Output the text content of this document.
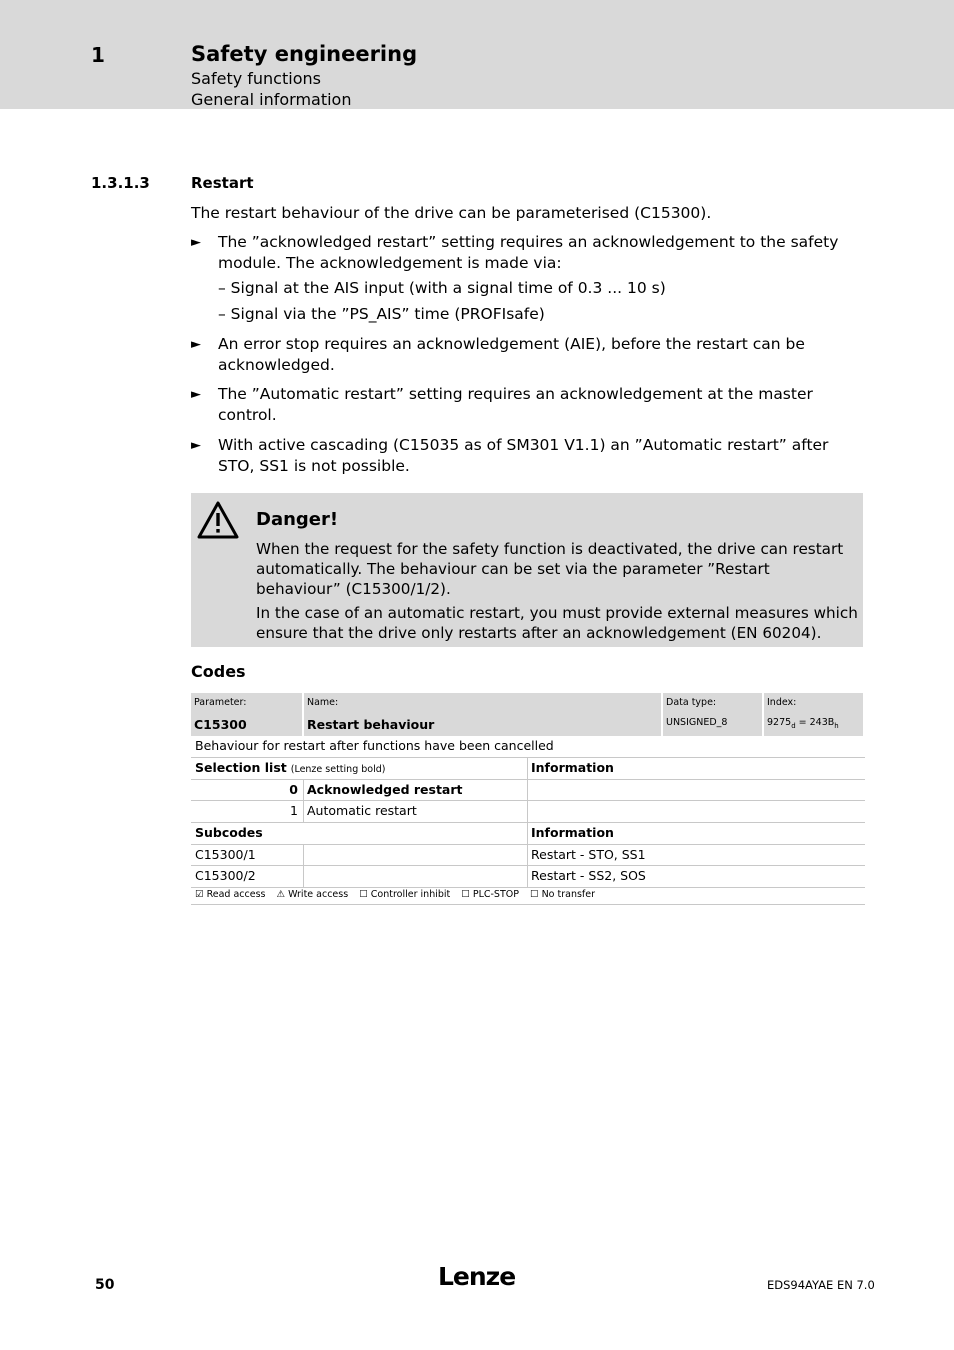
1	Safety engineering
Safety functions
General information
1.3.1.3	Restart
The restart behaviour of the drive can be parameterised (C15300).
► The ”acknowledged restart” setting requires an acknowledgement to the safety module. The acknowledgement is made via:
– Signal at the AIS input (with a signal time of 0.3 ... 10 s)
– Signal via the ”PS_AIS” time (PROFIsafe)
► An error stop requires an acknowledgement (AIE), before the restart can be acknowledged.
► The ”Automatic restart” setting requires an acknowledgement at the master control.
► With active cascading (C15035 as of SM301 V1.1) an ”Automatic restart” after STO, SS1 is not possible.
Danger!
When the request for the safety function is deactivated, the drive can restart automatically. The behaviour can be set via the parameter ”Restart behaviour” (C15300/1/2).
In the case of an automatic restart, you must provide external measures which ensure that the drive only restarts after an acknowledgement (EN 60204).
Codes
Parameter:
C15300
Name:
Restart behaviour
Data type:
UNSIGNED_8
Index:
$9275_d = 243B_h$
Behaviour for restart after functions have been cancelled
Selection list (Lenze setting bold)	Information
0 Acknowledged restart
1 Automatic restart
Subcodes	Information
C15300/1	Restart - STO, SS1
C15300/2	Restart - SS2, SOS
☑ Read access ⚠ Write access ☐ Controller inhibit ☐ PLC-STOP ☐ No transfer
50	Lenze	EDS94AYAE EN 7.0
